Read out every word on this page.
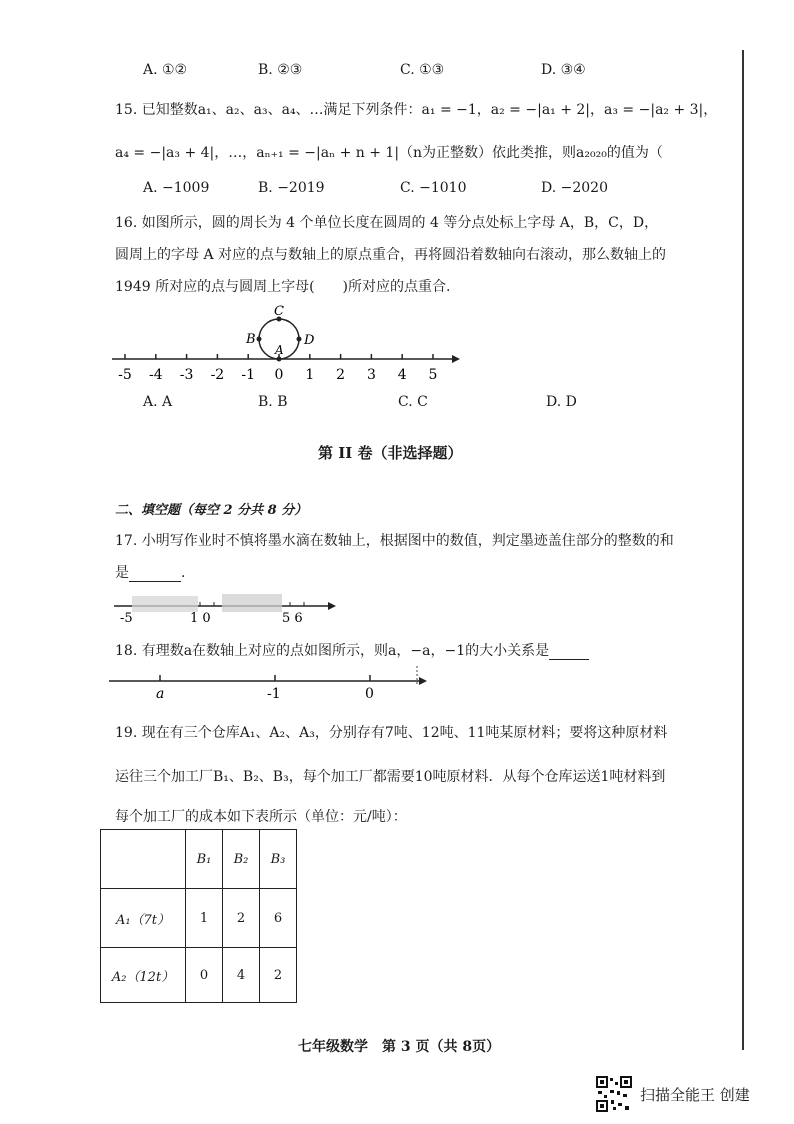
A. ①②	B. ②③	C. ①③	D. ③④
15. 已知整数a₁、a₂、a₃、a₄、…满足下列条件：a₁ = −1，a₂ = −|a₁ + 2|，a₃ = −|a₂ + 3|，
a₄ = −|a₃ + 4|，…，aₙ₊₁ = −|aₙ + n + 1|（n为正整数）依此类推，则a₂₀₂₀的值为（
A. −1009	B. −2019	C. −1010	D. −2020
16. 如图所示，圆的周长为 4 个单位长度在圆周的 4 等分点处标上字母 A，B，C，D，
圆周上的字母 A 对应的点与数轴上的原点重合，再将圆沿着数轴向右滚动，那么数轴上的
1949 所对应的点与圆周上字母(　　)所对应的点重合.
-5 -4 -3 -2 -1 0 1 2 3 4 5
C
B	D
A
A. A	B. B	C. C	D. D
第 II 卷（非选择题）
二、填空题（每空 2 分共 8 分）
17. 小明写作业时不慎将墨水滴在数轴上，根据图中的数值，判定墨迹盖住部分的整数的和
是	.
-5	1 0	5 6
18. 有理数a在数轴上对应的点如图所示，则a，−a，−1的大小关系是
a	-1	0
19. 现在有三个仓库A₁、A₂、A₃，分别存有7吨、12吨、11吨某原材料；要将这种原材料
运往三个加工厂B₁、B₂、B₃，每个加工厂都需要10吨原材料．从每个仓库运送1吨材料到
每个加工厂的成本如下表所示（单位：元/吨）：
	B₁	B₂	B₃
A₁（7t）	1	2	6
A₂（12t）	0	4	2
七年级数学　第 3 页（共 8页）
扫描全能王 创建
